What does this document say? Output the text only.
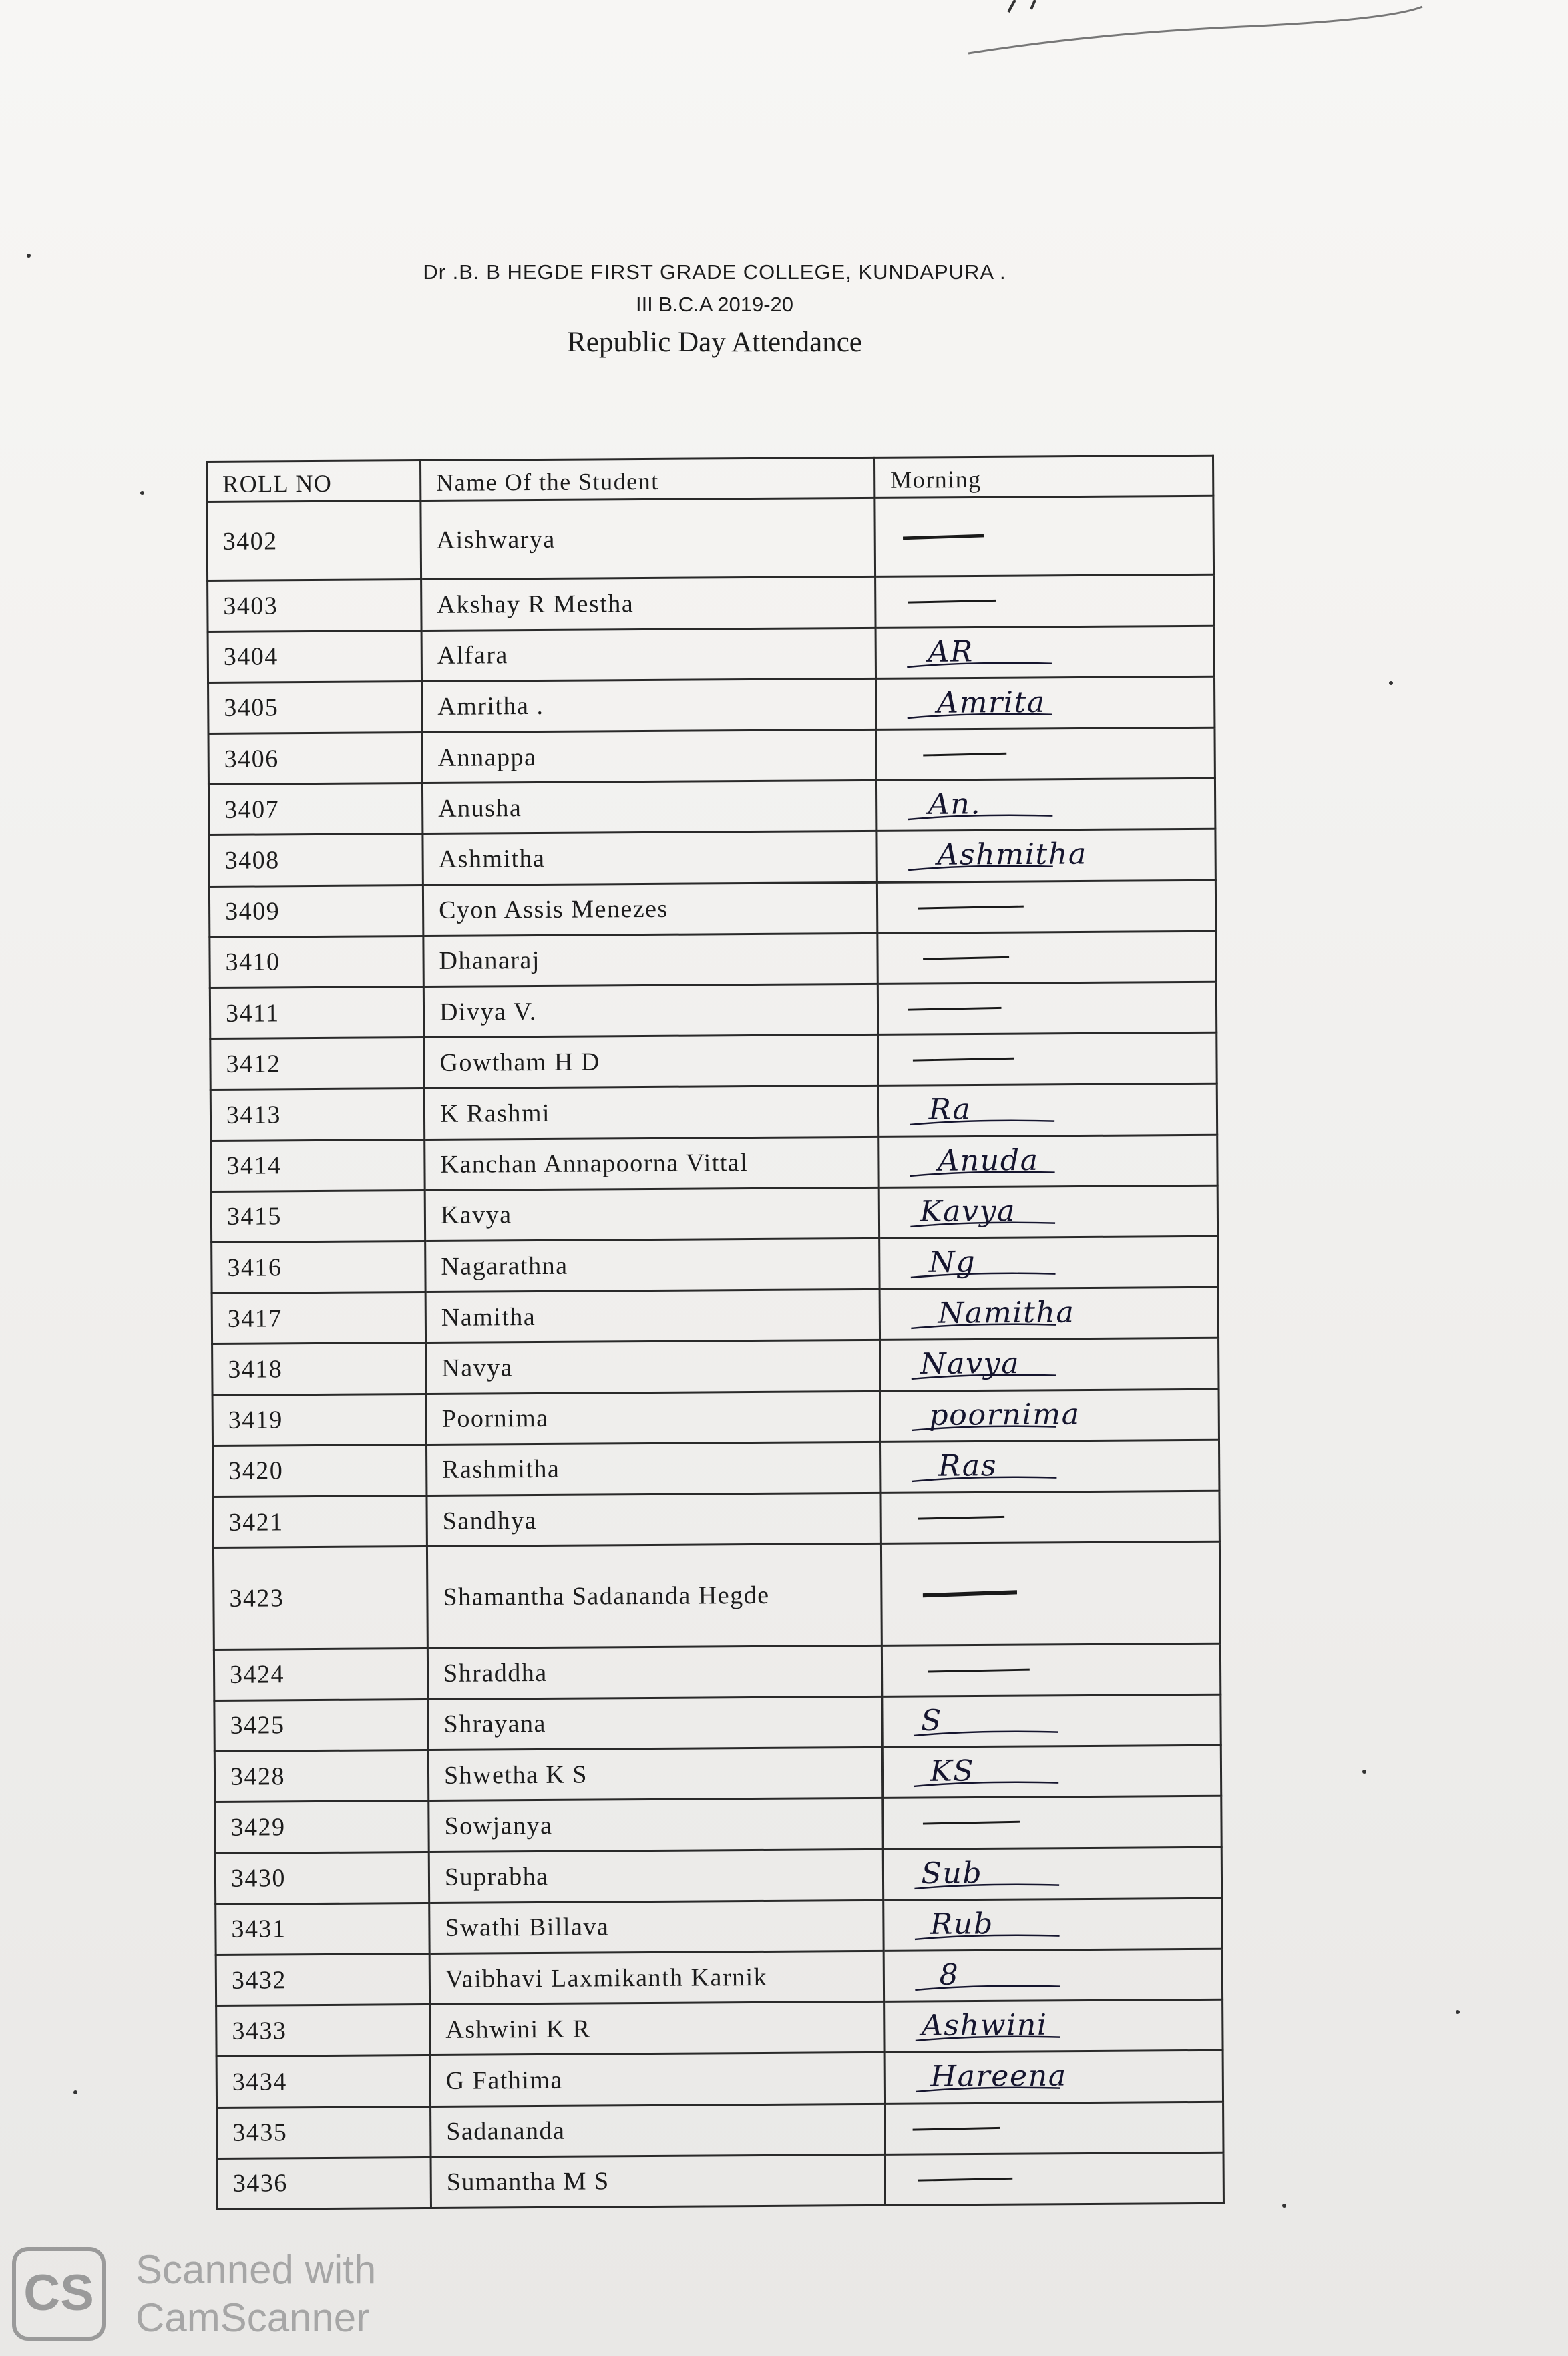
Dr .B. B HEGDE FIRST GRADE COLLEGE, KUNDAPURA .
III B.C.A 2019-20
Republic Day Attendance
ROLL NO	Name Of the Student	Morning
3402	Aishwarya	

3403	Akshay R Mestha	

3404	Alfara	AR

3405	Amritha .	Amrita

3406	Annappa	

3407	Anusha	An.

3408	Ashmitha	Ashmitha

3409	Cyon Assis Menezes	

3410	Dhanaraj	

3411	Divya V.	

3412	Gowtham H D	

3413	K Rashmi	Ra

3414	Kanchan Annapoorna Vittal	Anuda

3415	Kavya	Kavya

3416	Nagarathna	Ng

3417	Namitha	Namitha

3418	Navya	Navya

3419	Poornima	poornima

3420	Rashmitha	Ras

3421	Sandhya	

3423	Shamantha Sadananda Hegde	

3424	Shraddha	

3425	Shrayana	S

3428	Shwetha K S	KS

3429	Sowjanya	

3430	Suprabha	Sub

3431	Swathi Billava	Rub

3432	Vaibhavi Laxmikanth Karnik	8

3433	Ashwini K R	Ashwini

3434	G Fathima	Hareena

3435	Sadananda	

3436	Sumantha M S	
CS Scanned with
CamScanner
